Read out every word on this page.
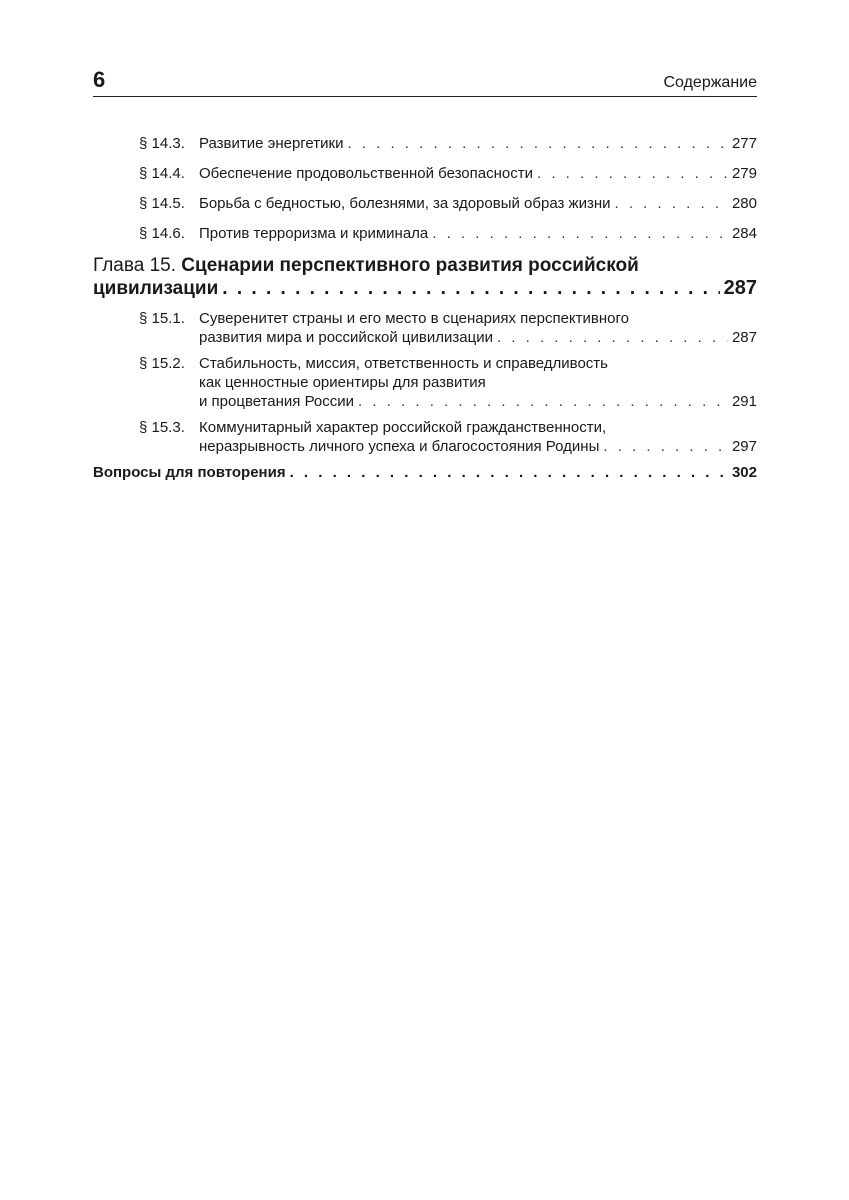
6	Содержание
§ 14.3. Развитие энергетики . . .	277
§ 14.4. Обеспечение продовольственной безопасности . . .	279
§ 14.5. Борьба с бедностью, болезнями, за здоровый образ жизни . . .	280
§ 14.6. Против терроризма и криминала . . .	284
Глава 15. Сценарии перспективного развития российской
цивилизации . . .	287
§ 15.1. Суверенитет страны и его место в сценариях перспективного
развития мира и российской цивилизации . . .	287
§ 15.2. Стабильность, миссия, ответственность и справедливость
как ценностные ориентиры для развития
и процветания России . . .	291
§ 15.3. Коммунитарный характер российской гражданственности,
неразрывность личного успеха и благосостояния Родины . . .	297
Вопросы для повторения . . .	302
